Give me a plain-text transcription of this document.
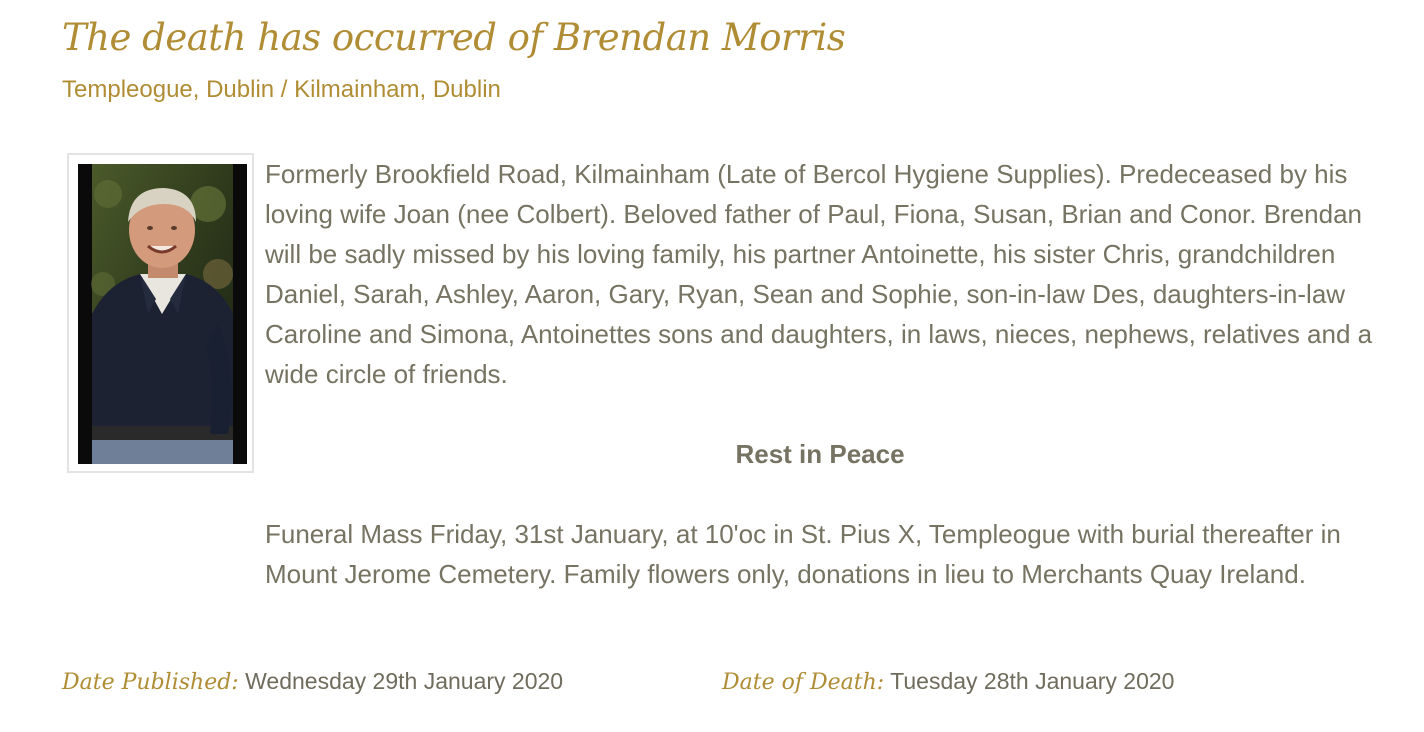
The death has occurred of Brendan Morris
Templeogue, Dublin / Kilmainham, Dublin

Formerly Brookfield Road, Kilmainham (Late of Bercol Hygiene Supplies). Predeceased by his loving wife Joan (nee Colbert). Beloved father of Paul, Fiona, Susan, Brian and Conor. Brendan will be sadly missed by his loving family, his partner Antoinette, his sister Chris, grandchildren Daniel, Sarah, Ashley, Aaron, Gary, Ryan, Sean and Sophie, son-in-law Des, daughters-in-law Caroline and Simona, Antoinettes sons and daughters, in laws, nieces, nephews, relatives and a wide circle of friends.

Rest in Peace

Funeral Mass Friday, 31st January, at 10'oc in St. Pius X, Templeogue with burial thereafter in Mount Jerome Cemetery. Family flowers only, donations in lieu to Merchants Quay Ireland.

Date Published: Wednesday 29th January 2020	Date of Death: Tuesday 28th January 2020
